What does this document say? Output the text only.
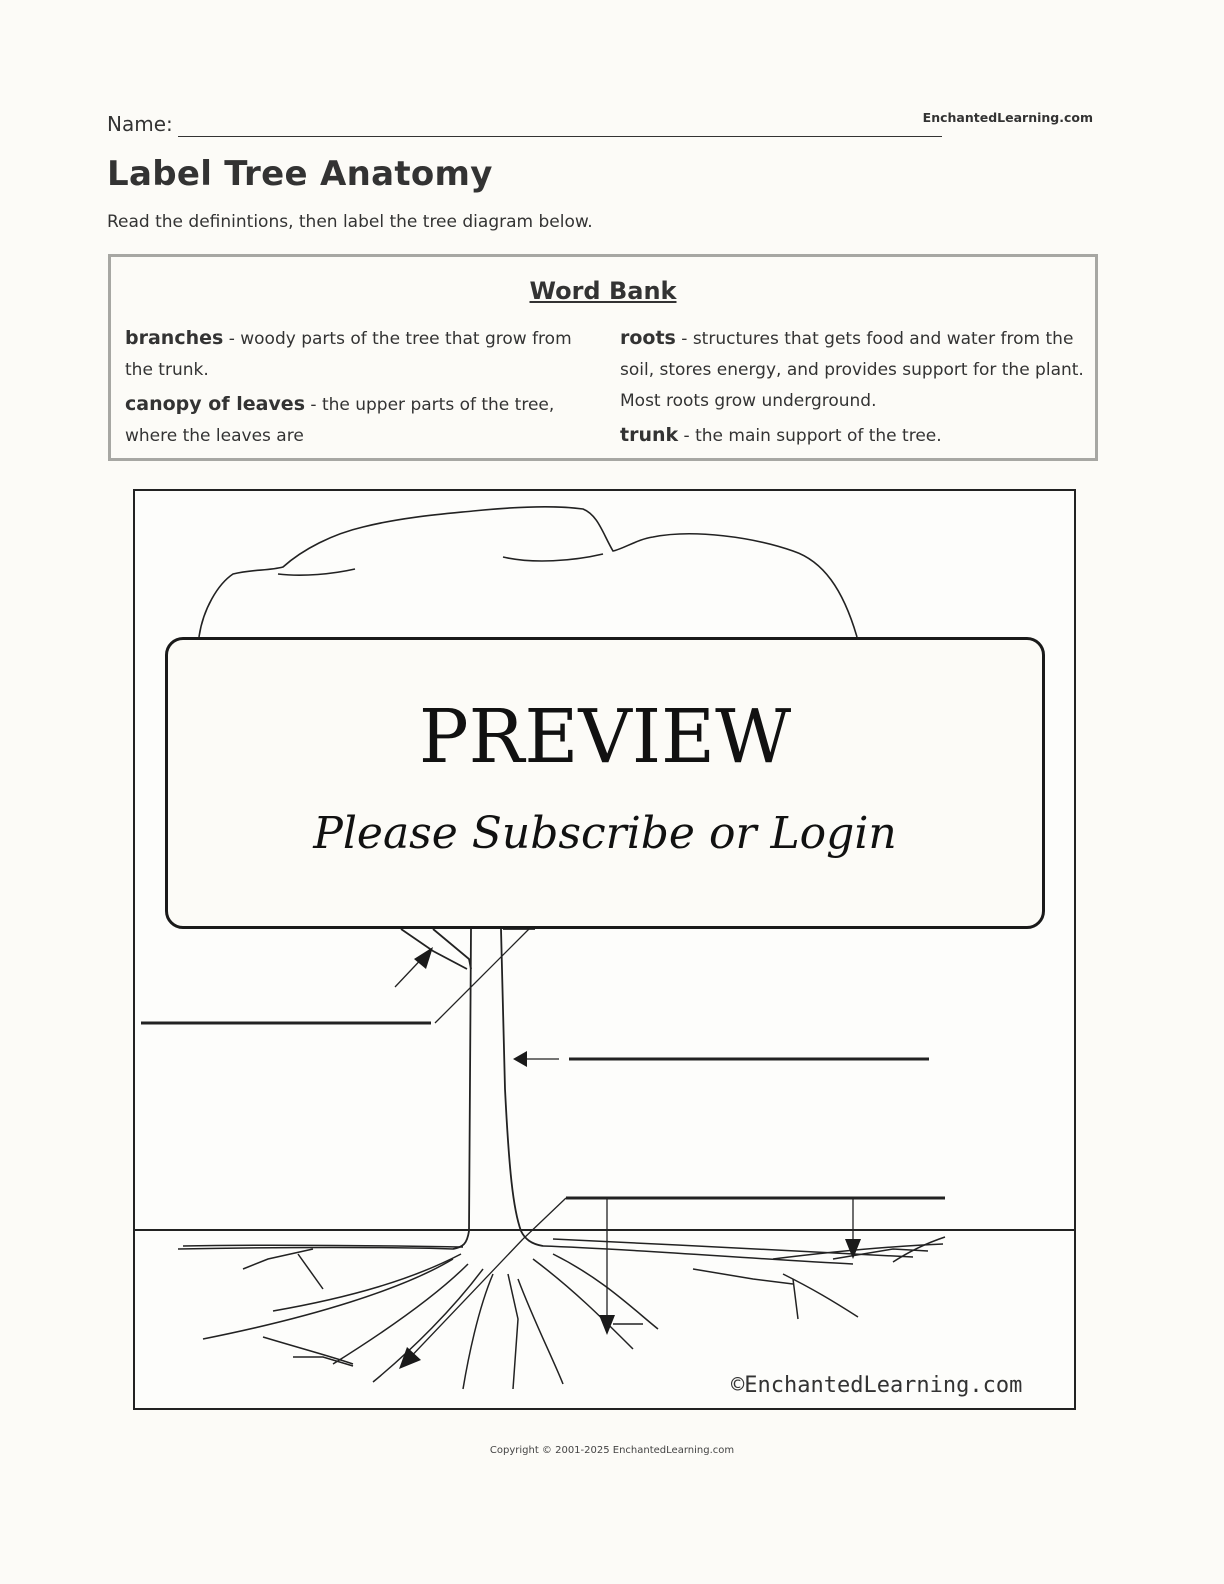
Name:	EnchantedLearning.com
Label Tree Anatomy
Read the definintions, then label the tree diagram below.
Word Bank

branches - woody parts of the tree that grow from the trunk.

canopy of leaves - the upper parts of the tree, where the leaves are

roots - structures that gets food and water from the soil, stores energy, and provides support for the plant. Most roots grow underground.

trunk - the main support of the tree.

PREVIEW
Please Subscribe or Login
©EnchantedLearning.com
Copyright © 2001-2025 EnchantedLearning.com
